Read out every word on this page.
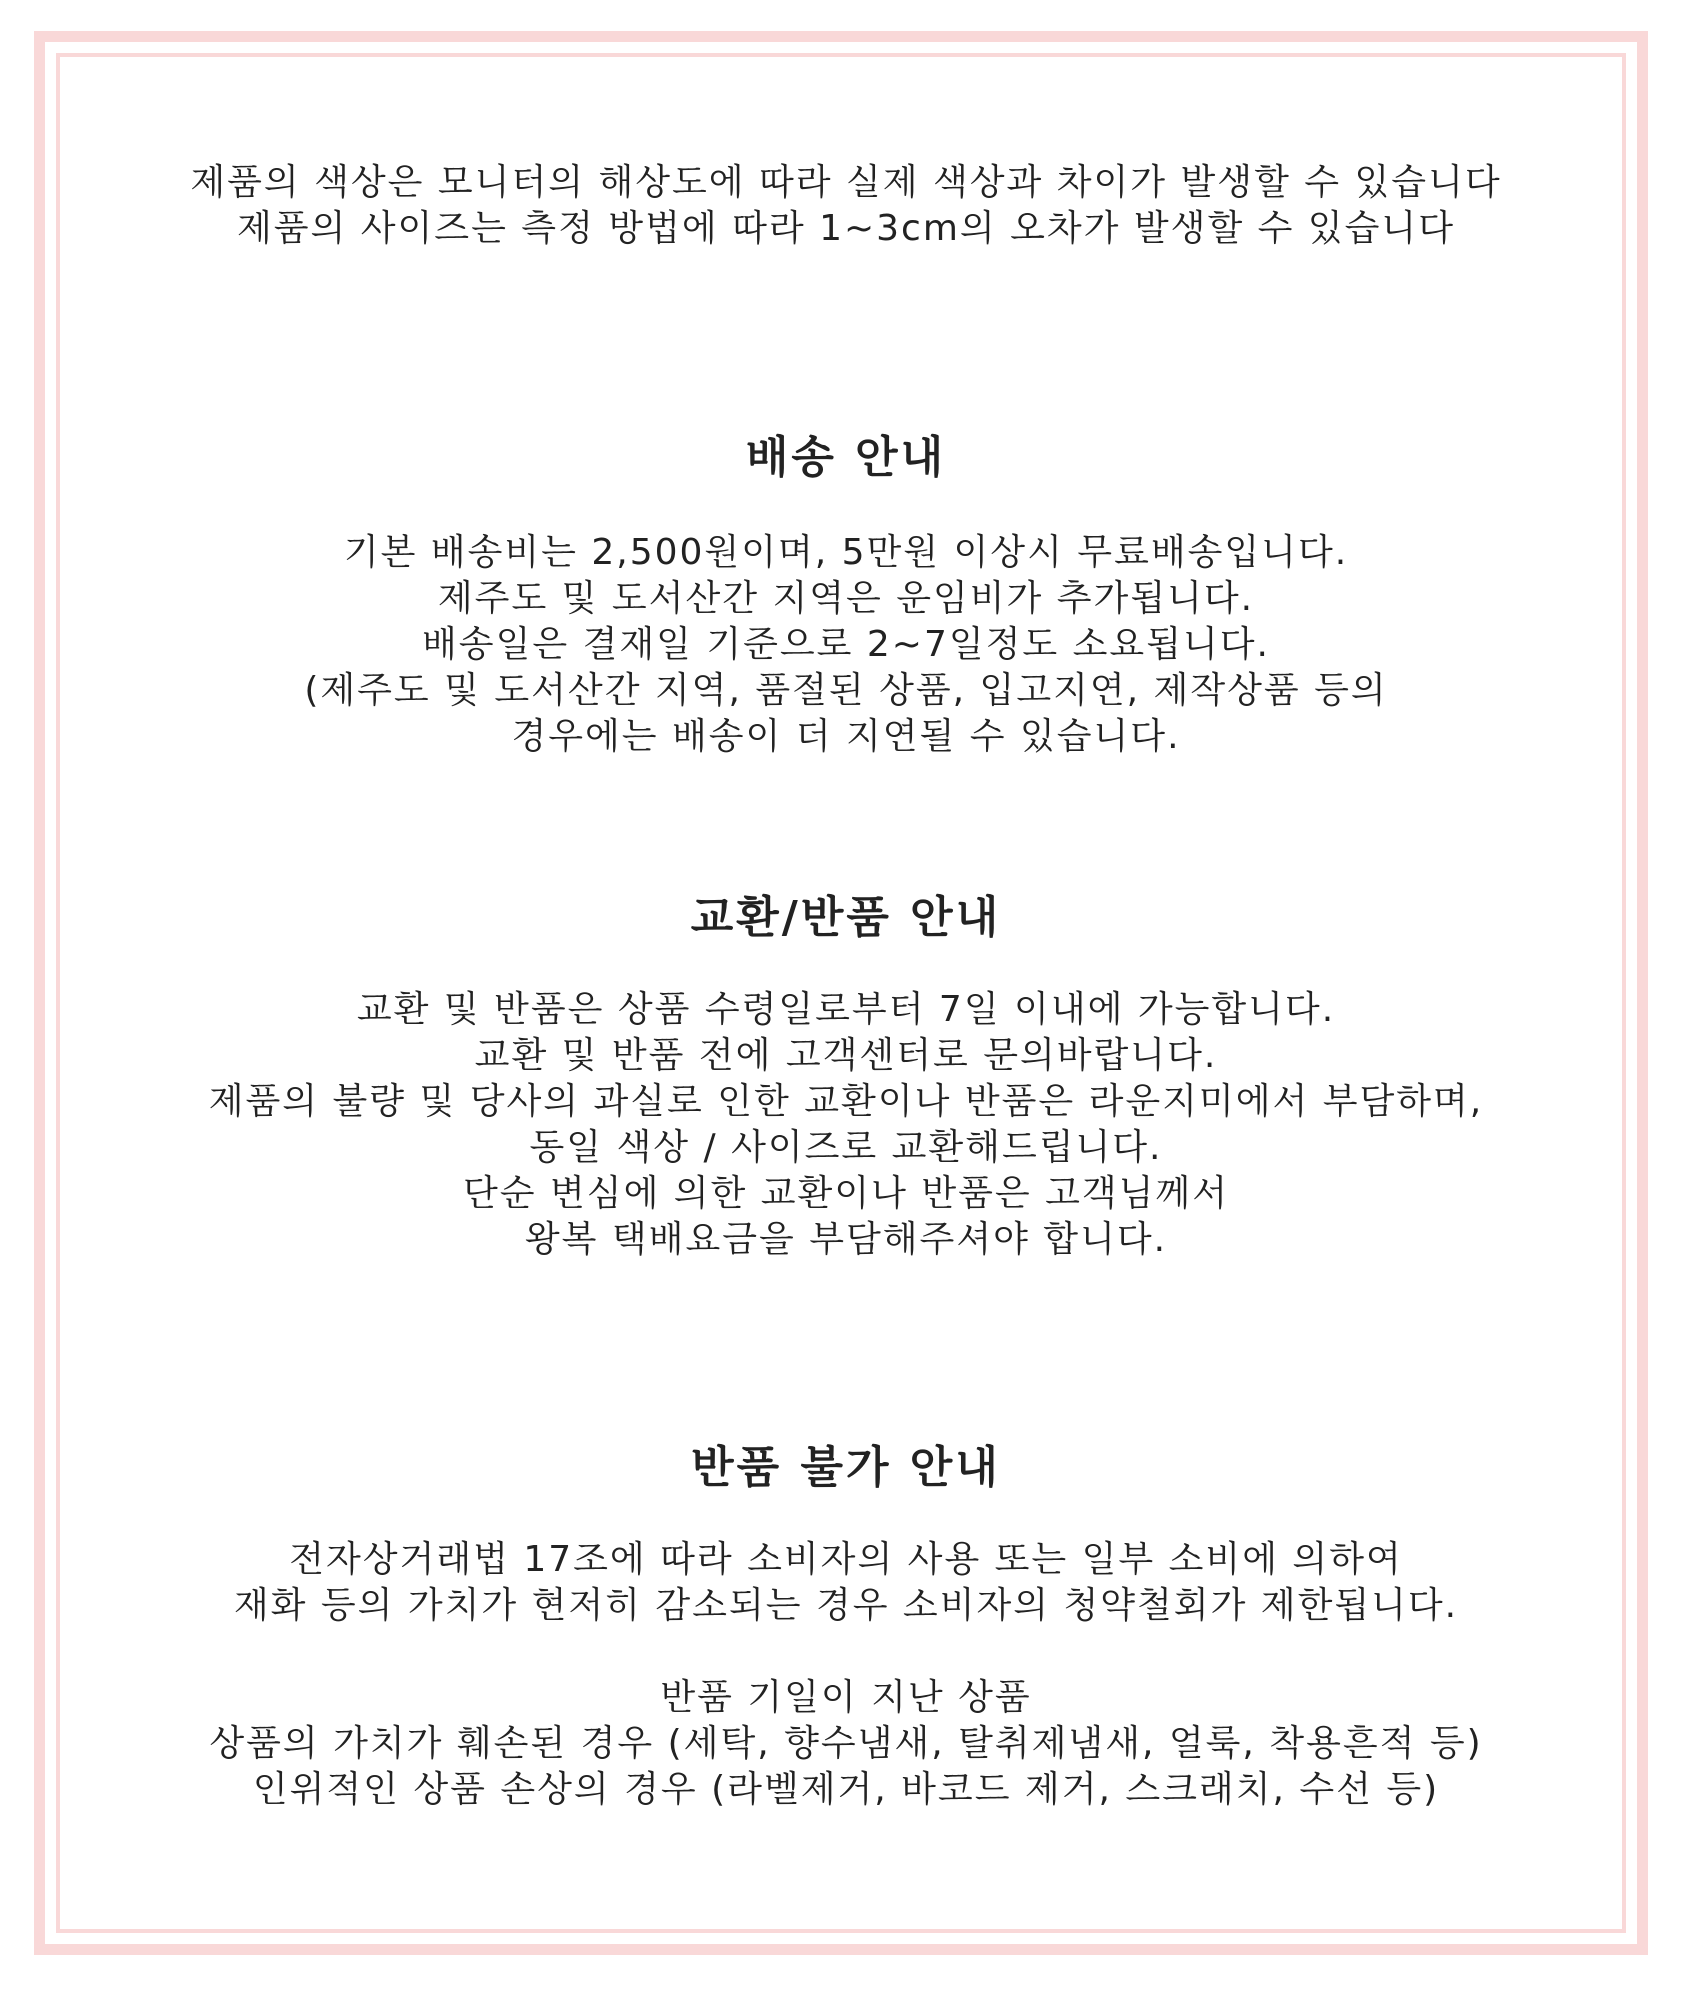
제품의 색상은 모니터의 해상도에 따라 실제 색상과 차이가 발생할 수 있습니다
제품의 사이즈는 측정 방법에 따라 1~3cm의 오차가 발생할 수 있습니다
배송 안내
기본 배송비는 2,500원이며, 5만원 이상시 무료배송입니다.
제주도 및 도서산간 지역은 운임비가 추가됩니다.
배송일은 결재일 기준으로 2~7일정도 소요됩니다.
(제주도 및 도서산간 지역, 품절된 상품, 입고지연, 제작상품 등의
경우에는 배송이 더 지연될 수 있습니다.
교환/반품 안내
교환 및 반품은 상품 수령일로부터 7일 이내에 가능합니다.
교환 및 반품 전에 고객센터로 문의바랍니다.
제품의 불량 및 당사의 과실로 인한 교환이나 반품은 라운지미에서 부담하며,
동일 색상 / 사이즈로 교환해드립니다.
단순 변심에 의한 교환이나 반품은 고객님께서
왕복 택배요금을 부담해주셔야 합니다.
반품 불가 안내
전자상거래법 17조에 따라 소비자의 사용 또는 일부 소비에 의하여
재화 등의 가치가 현저히 감소되는 경우 소비자의 청약철회가 제한됩니다.
반품 기일이 지난 상품
상품의 가치가 훼손된 경우 (세탁, 향수냄새, 탈취제냄새, 얼룩, 착용흔적 등)
인위적인 상품 손상의 경우 (라벨제거, 바코드 제거, 스크래치, 수선 등)
